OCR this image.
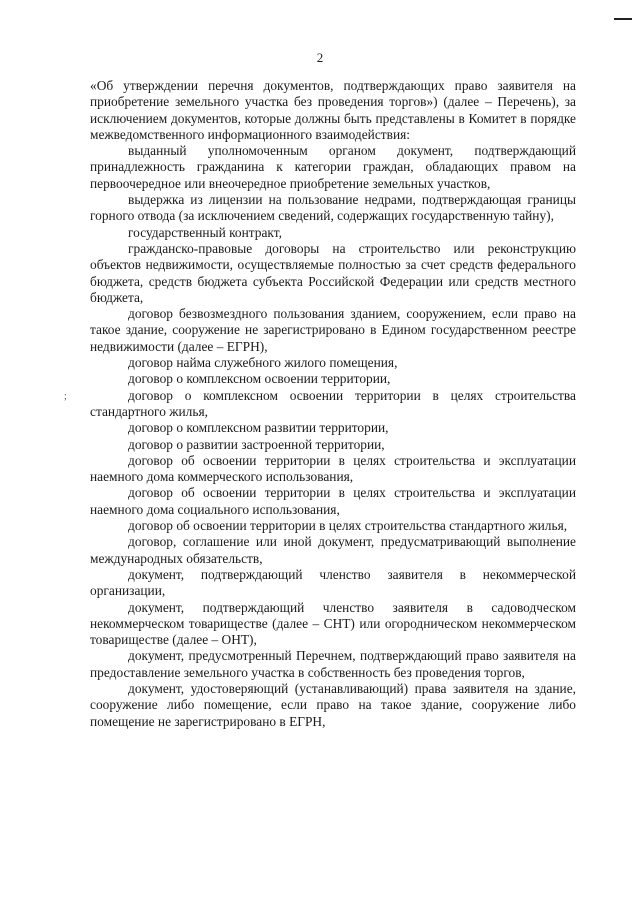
2
;

«Об утверждении перечня документов, подтверждающих право заявителя на приобретение земельного участка без проведения торгов») (далее – Перечень), за исключением документов, которые должны быть представлены в Комитет в порядке межведомственного информационного взаимодействия:

выданный уполномоченным органом документ, подтверждающий принадлежность гражданина к категории граждан, обладающих правом на первоочередное или внеочередное приобретение земельных участков,

выдержка из лицензии на пользование недрами, подтверждающая границы горного отвода (за исключением сведений, содержащих государственную тайну),

государственный контракт,

гражданско-правовые договоры на строительство или реконструкцию объектов недвижимости, осуществляемые полностью за счет средств федерального бюджета, средств бюджета субъекта Российской Федерации или средств местного бюджета,

договор безвозмездного пользования зданием, сооружением, если право на такое здание, сооружение не зарегистрировано в Едином государственном реестре недвижимости (далее – ЕГРН),

договор найма служебного жилого помещения,

договор о комплексном освоении территории,

договор о комплексном освоении территории в целях строительства стандартного жилья,

договор о комплексном развитии территории,

договор о развитии застроенной территории,

договор об освоении территории в целях строительства и эксплуатации наемного дома коммерческого использования,

договор об освоении территории в целях строительства и эксплуатации наемного дома социального использования,

договор об освоении территории в целях строительства стандартного жилья,

договор, соглашение или иной документ, предусматривающий выполнение международных обязательств,

документ, подтверждающий членство заявителя в некоммерческой организации,

документ, подтверждающий членство заявителя в садоводческом некоммерческом товариществе (далее – СНТ) или огородническом некоммерческом товариществе (далее – ОНТ),

документ, предусмотренный Перечнем, подтверждающий право заявителя на предоставление земельного участка в собственность без проведения торгов,

документ, удостоверяющий (устанавливающий) права заявителя на здание, сооружение либо помещение, если право на такое здание, сооружение либо помещение не зарегистрировано в ЕГРН,
